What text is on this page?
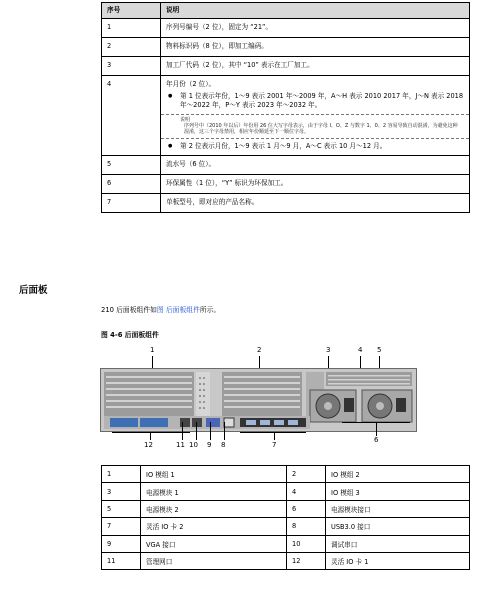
序号	说明
1	序列号编号（2 位），固定为 “21”。
2	物料标识码（8 位），即加工编码。
3	加工厂代码（2 位），其中 “10” 表示在工厂加工。
4	年月份（2 位）。
● 第 1 位表示年份，1～9 表示 2001 年～2009 年，A～H 表示 2010 2017 年，J～N 表示 2018 年～2022 年，P～Y 表示 2023 年～2032 年。
说明
序列号中（2010 年以后）年份用 26 位大写字母表示，由于字母 I、O、Z 与数字 1、0、2 容易导致自动混淆，为避免这种混淆，这三个字母禁用，相应年份顺延至下一顺位字母。
● 第 2 位表示月份，1～9 表示 1 月～9 月，A～C 表示 10 月～12 月。

5	流水号（6 位）。
6	环保属性（1 位），“Y” 标识为环保加工。
7	单板型号，即对应的产品名称。
后面板
210 后面板组件如图 后面板组件所示。
图 4-6 后面板组件
1	2	3	4 5
12	11 10 9 8	7
6
1	IO 模组 1	2	IO 模组 2
3	电源模块 1	4	IO 模组 3
5	电源模块 2	6	电源模块接口
7	灵活 IO 卡 2	8	USB3.0 接口
9	VGA 接口	10	调试串口
11	管理网口	12	灵活 IO 卡 1
